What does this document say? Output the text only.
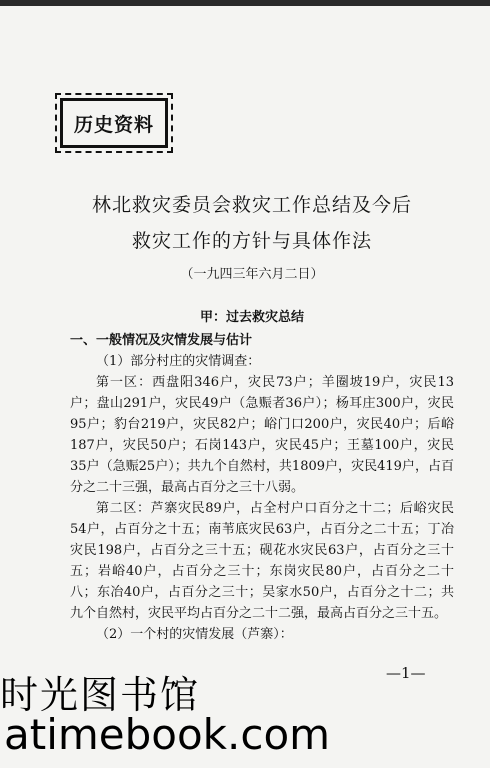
历史资料
林北救灾委员会救灾工作总结及今后
救灾工作的方针与具体作法
（一九四三年六月二日）
甲：过去救灾总结

一、一般情况及灾情发展与估计

（1）部分村庄的灾情调查：

第一区：西盘阳346户，灾民73户；羊圈坡19户，灾民13户；盘山291户，灾民49户（急赈者36户）；杨耳庄300户，灾民95户；豹台219户，灾民82户；峪门口200户，灾民40户；后峪187户，灾民50户；石岗143户，灾民45户；王墓100户，灾民35户（急赈25户）；共九个自然村，共1809户，灾民419户，占百分之二十三强，最高占百分之三十八弱。

第二区：芦寨灾民89户，占全村户口百分之十二；后峪灾民54户，占百分之十五；南苇底灾民63户，占百分之二十五；丁冶灾民198户，占百分之三十五；砚花水灾民63户，占百分之三十五；岩峪40户，占百分之三十；东岗灾民80户，占百分之二十八；东冶40户，占百分之三十；吴家水50户，占百分之十二；共九个自然村，灾民平均占百分之二十二强，最高占百分之三十五。

（2）一个村的灾情发展（芦寨）：

—1—
时光图书馆
atimebook.com
